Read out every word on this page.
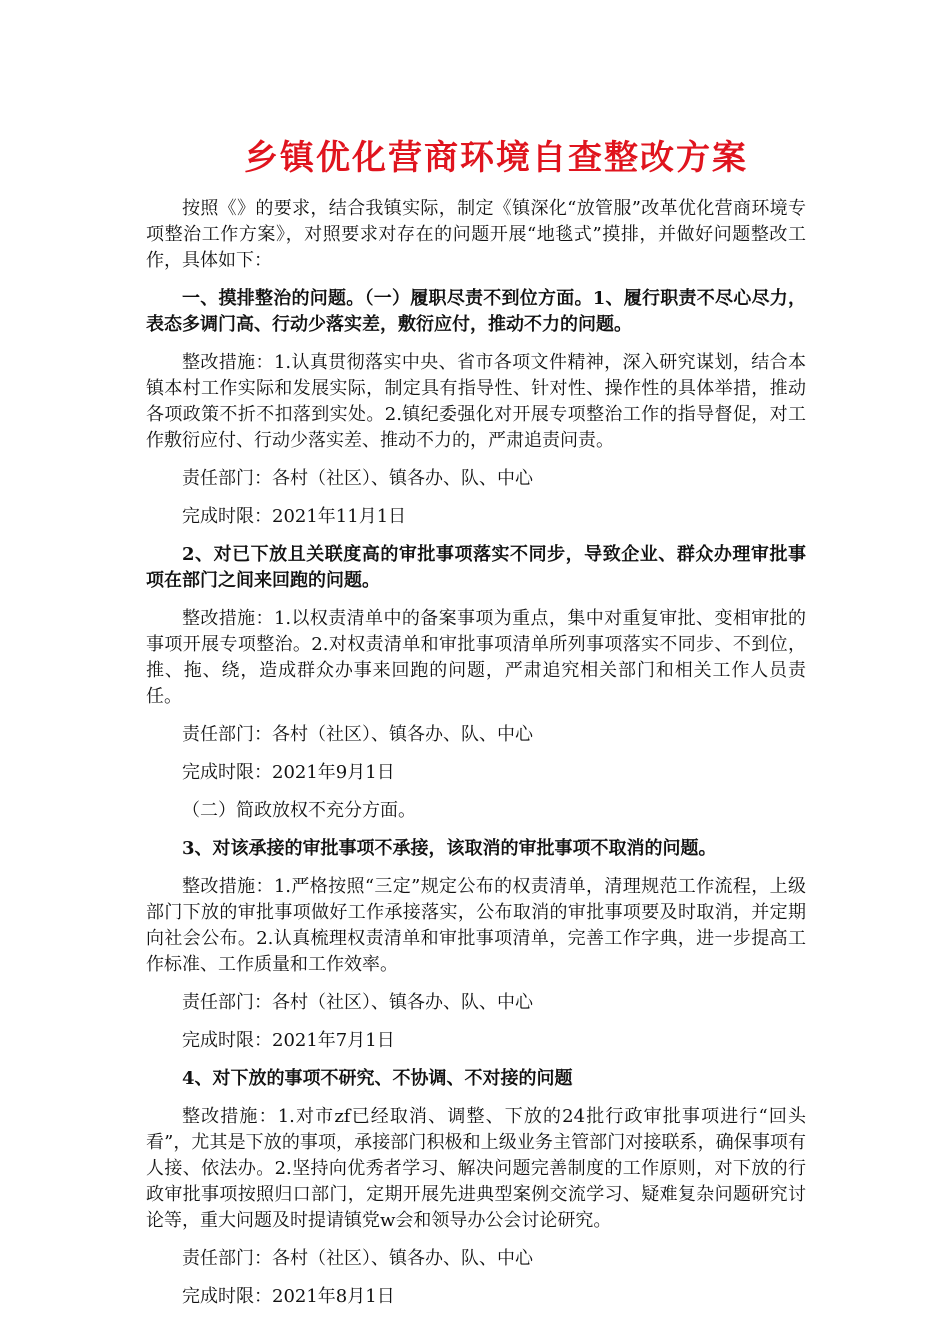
乡镇优化营商环境自查整改方案

按照《》的要求，结合我镇实际，制定《镇深化“放管服”改革优化营商环境专项整治工作方案》，对照要求对存在的问题开展“地毯式”摸排，并做好问题整改工作，具体如下：

一、摸排整治的问题。（一）履职尽责不到位方面。1、履行职责不尽心尽力，表态多调门高、行动少落实差，敷衍应付，推动不力的问题。

整改措施：1.认真贯彻落实中央、省市各项文件精神，深入研究谋划，结合本镇本村工作实际和发展实际，制定具有指导性、针对性、操作性的具体举措，推动各项政策不折不扣落到实处。2.镇纪委强化对开展专项整治工作的指导督促，对工作敷衍应付、行动少落实差、推动不力的，严肃追责问责。

责任部门：各村（社区）、镇各办、队、中心

完成时限：2021年11月1日

2、对已下放且关联度高的审批事项落实不同步，导致企业、群众办理审批事项在部门之间来回跑的问题。

整改措施：1.以权责清单中的备案事项为重点，集中对重复审批、变相审批的事项开展专项整治。2.对权责清单和审批事项清单所列事项落实不同步、不到位，推、拖、绕，造成群众办事来回跑的问题，严肃追究相关部门和相关工作人员责任。

责任部门：各村（社区）、镇各办、队、中心

完成时限：2021年9月1日

（二）简政放权不充分方面。

3、对该承接的审批事项不承接，该取消的审批事项不取消的问题。

整改措施：1.严格按照“三定”规定公布的权责清单，清理规范工作流程，上级部门下放的审批事项做好工作承接落实，公布取消的审批事项要及时取消，并定期向社会公布。2.认真梳理权责清单和审批事项清单，完善工作字典，进一步提高工作标准、工作质量和工作效率。

责任部门：各村（社区）、镇各办、队、中心

完成时限：2021年7月1日

4、对下放的事项不研究、不协调、不对接的问题

整改措施：1.对市zf已经取消、调整、下放的24批行政审批事项进行“回头看”，尤其是下放的事项，承接部门积极和上级业务主管部门对接联系，确保事项有人接、依法办。2.坚持向优秀者学习、解决问题完善制度的工作原则，对下放的行政审批事项按照归口部门，定期开展先进典型案例交流学习、疑难复杂问题研究讨论等，重大问题及时提请镇党w会和领导办公会讨论研究。

责任部门：各村（社区）、镇各办、队、中心

完成时限：2021年8月1日
